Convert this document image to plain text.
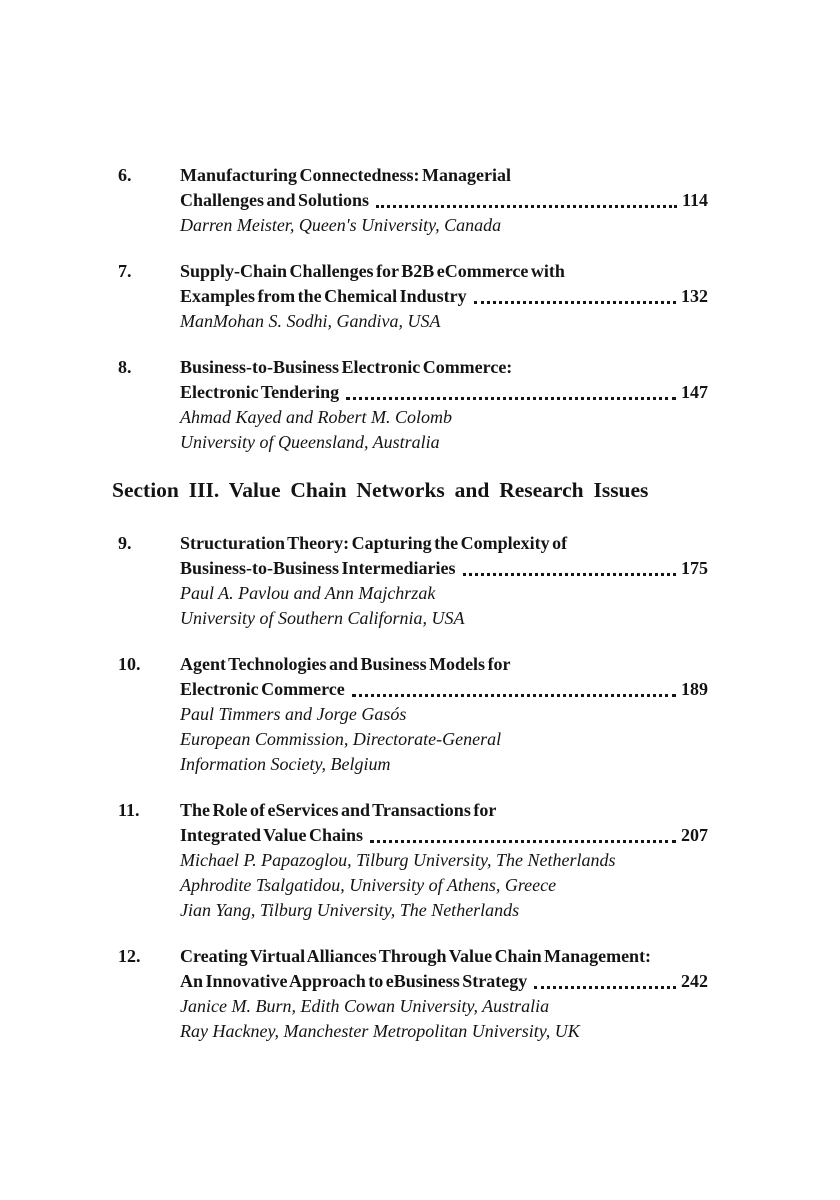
6.	Manufacturing Connectedness: Managerial
Challenges and Solutions	114
Darren Meister, Queen's University, Canada
7.	Supply-Chain Challenges for B2B eCommerce with
Examples from the Chemical Industry	132
ManMohan S. Sodhi, Gandiva, USA
8.	Business-to-Business Electronic Commerce:
Electronic Tendering	147
Ahmad Kayed and Robert M. Colomb
University of Queensland, Australia
Section III. Value Chain Networks and Research Issues
9.	Structuration Theory: Capturing the Complexity of
Business-to-Business Intermediaries	175
Paul A. Pavlou and Ann Majchrzak
University of Southern California, USA
10.	Agent Technologies and Business Models for
Electronic Commerce	189
Paul Timmers and Jorge Gasós
European Commission, Directorate-General
Information Society, Belgium
11.	The Role of eServices and Transactions for
Integrated Value Chains	207
Michael P. Papazoglou, Tilburg University, The Netherlands
Aphrodite Tsalgatidou, University of Athens, Greece
Jian Yang, Tilburg University, The Netherlands
12.	Creating Virtual Alliances Through Value Chain Management:
An Innovative Approach to eBusiness Strategy	242
Janice M. Burn, Edith Cowan University, Australia
Ray Hackney, Manchester Metropolitan University, UK
